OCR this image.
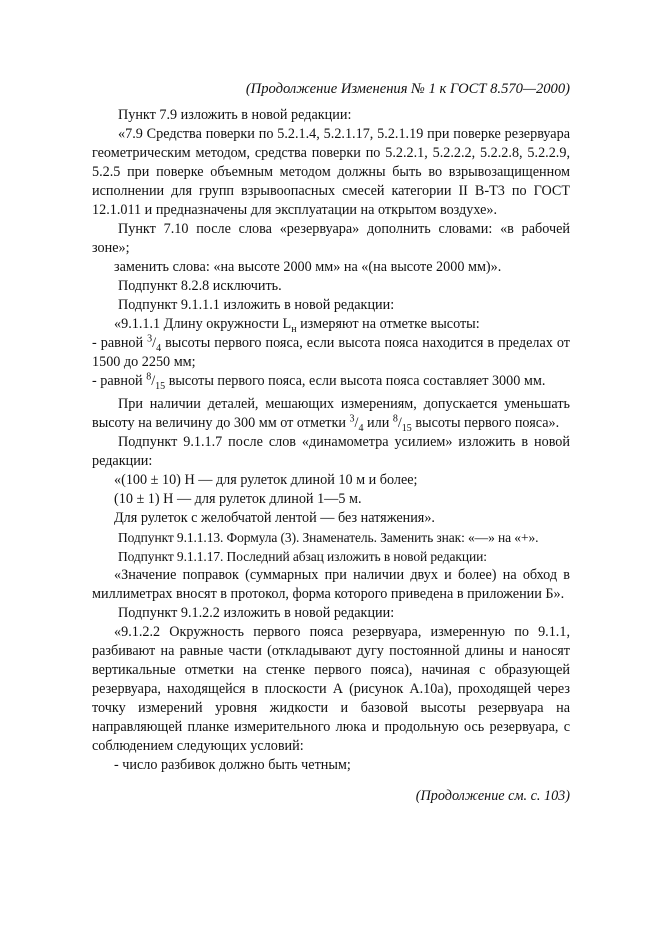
(Продолжение Изменения № 1 к ГОСТ 8.570—2000)

Пункт 7.9 изложить в новой редакции:

«7.9 Средства поверки по 5.2.1.4, 5.2.1.17, 5.2.1.19 при поверке резервуара геометрическим методом, средства поверки по 5.2.2.1, 5.2.2.2, 5.2.2.8, 5.2.2.9, 5.2.5 при поверке объемным методом должны быть во взрывозащищенном исполнении для групп взрывоопасных смесей категории II В-Т3 по ГОСТ 12.1.011 и предназначены для эксплуатации на открытом воздухе».

Пункт 7.10 после слова «резервуара» дополнить словами: «в рабочей зоне»;

заменить слова: «на высоте 2000 мм» на «(на высоте 2000 мм)».

Подпункт 8.2.8 исключить.

Подпункт 9.1.1.1 изложить в новой редакции:

«9.1.1.1 Длину окружности $L_н$ измеряют на отметке высоты:

- равной $^3/_4$ высоты первого пояса, если высота пояса находится в пределах от 1500 до 2250 мм;

- равной $^8/_{15}$ высоты первого пояса, если высота пояса составляет 3000 мм.

При наличии деталей, мешающих измерениям, допускается уменьшать высоту на величину до 300 мм от отметки $^3/_4$ или $^8/_{15}$ высоты первого пояса».

Подпункт 9.1.1.7 после слов «динамометра усилием» изложить в новой редакции:

«(100 ± 10) Н — для рулеток длиной 10 м и более;

(10 ± 1) Н — для рулеток длиной 1—5 м.

Для рулеток с желобчатой лентой — без натяжения».

Подпункт 9.1.1.13. Формула (3). Знаменатель. Заменить знак: «—» на «+».

Подпункт 9.1.1.17. Последний абзац изложить в новой редакции:

«Значение поправок (суммарных при наличии двух и более) на обход в миллиметрах вносят в протокол, форма которого приведена в приложении Б».

Подпункт 9.1.2.2 изложить в новой редакции:

«9.1.2.2 Окружность первого пояса резервуара, измеренную по 9.1.1, разбивают на равные части (откладывают дугу постоянной длины и наносят вертикальные отметки на стенке первого пояса), начиная с образующей резервуара, находящейся в плоскости А (рисунок А.10а), проходящей через точку измерений уровня жидкости и базовой высоты резервуара на направляющей планке измерительного люка и продольную ось резервуара, с соблюдением следующих условий:

- число разбивок должно быть четным;

(Продолжение см. с. 103)
